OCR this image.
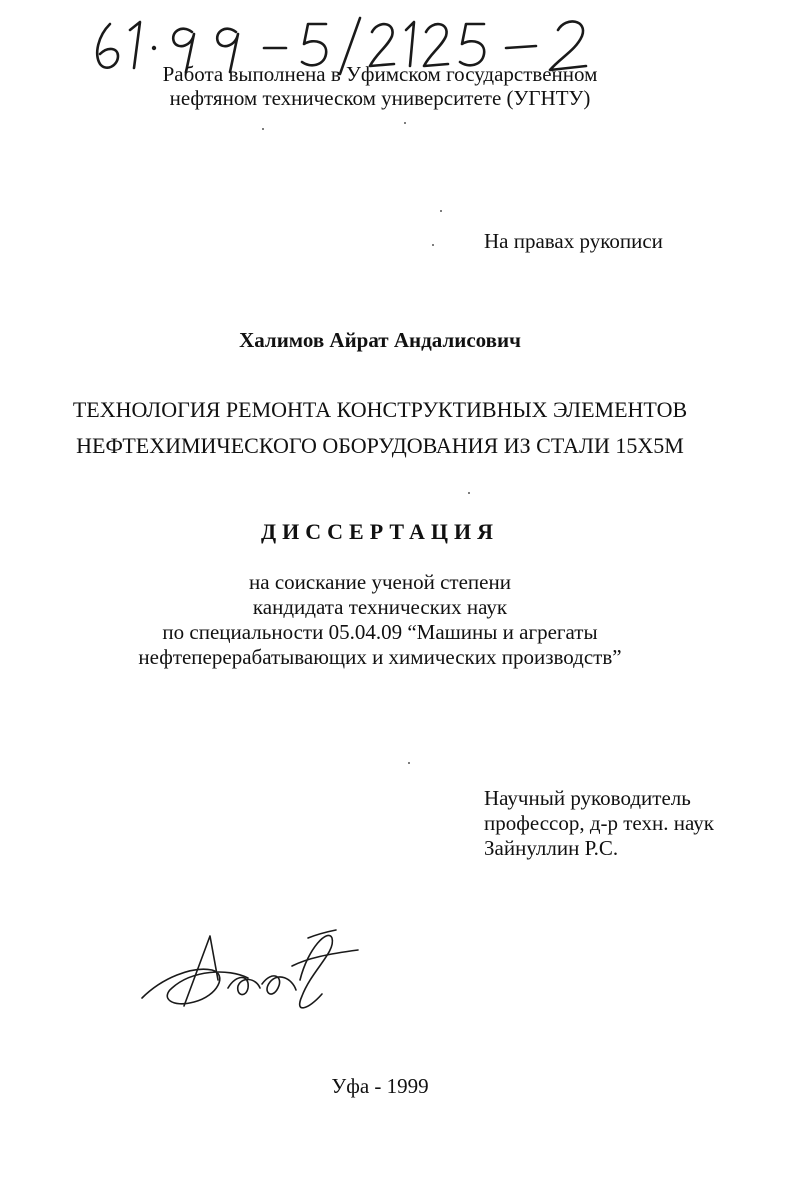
61· 99-5/2125-2
Работа выполнена в Уфимском государственном
нефтяном техническом университете (УГНТУ)
На правах рукописи
Халимов Айрат Андалисович
ТЕХНОЛОГИЯ РЕМОНТА КОНСТРУКТИВНЫХ ЭЛЕМЕНТОВ
НЕФТЕХИМИЧЕСКОГО ОБОРУДОВАНИЯ ИЗ СТАЛИ 15Х5М
ДИССЕРТАЦИЯ
на соискание ученой степени
кандидата технических наук
по специальности 05.04.09 “Машины и агрегаты
нефтеперерабатывающих и химических производств”
Научный руководитель
профессор, д-р техн. наук
Зайнуллин Р.С.
Уфа - 1999
